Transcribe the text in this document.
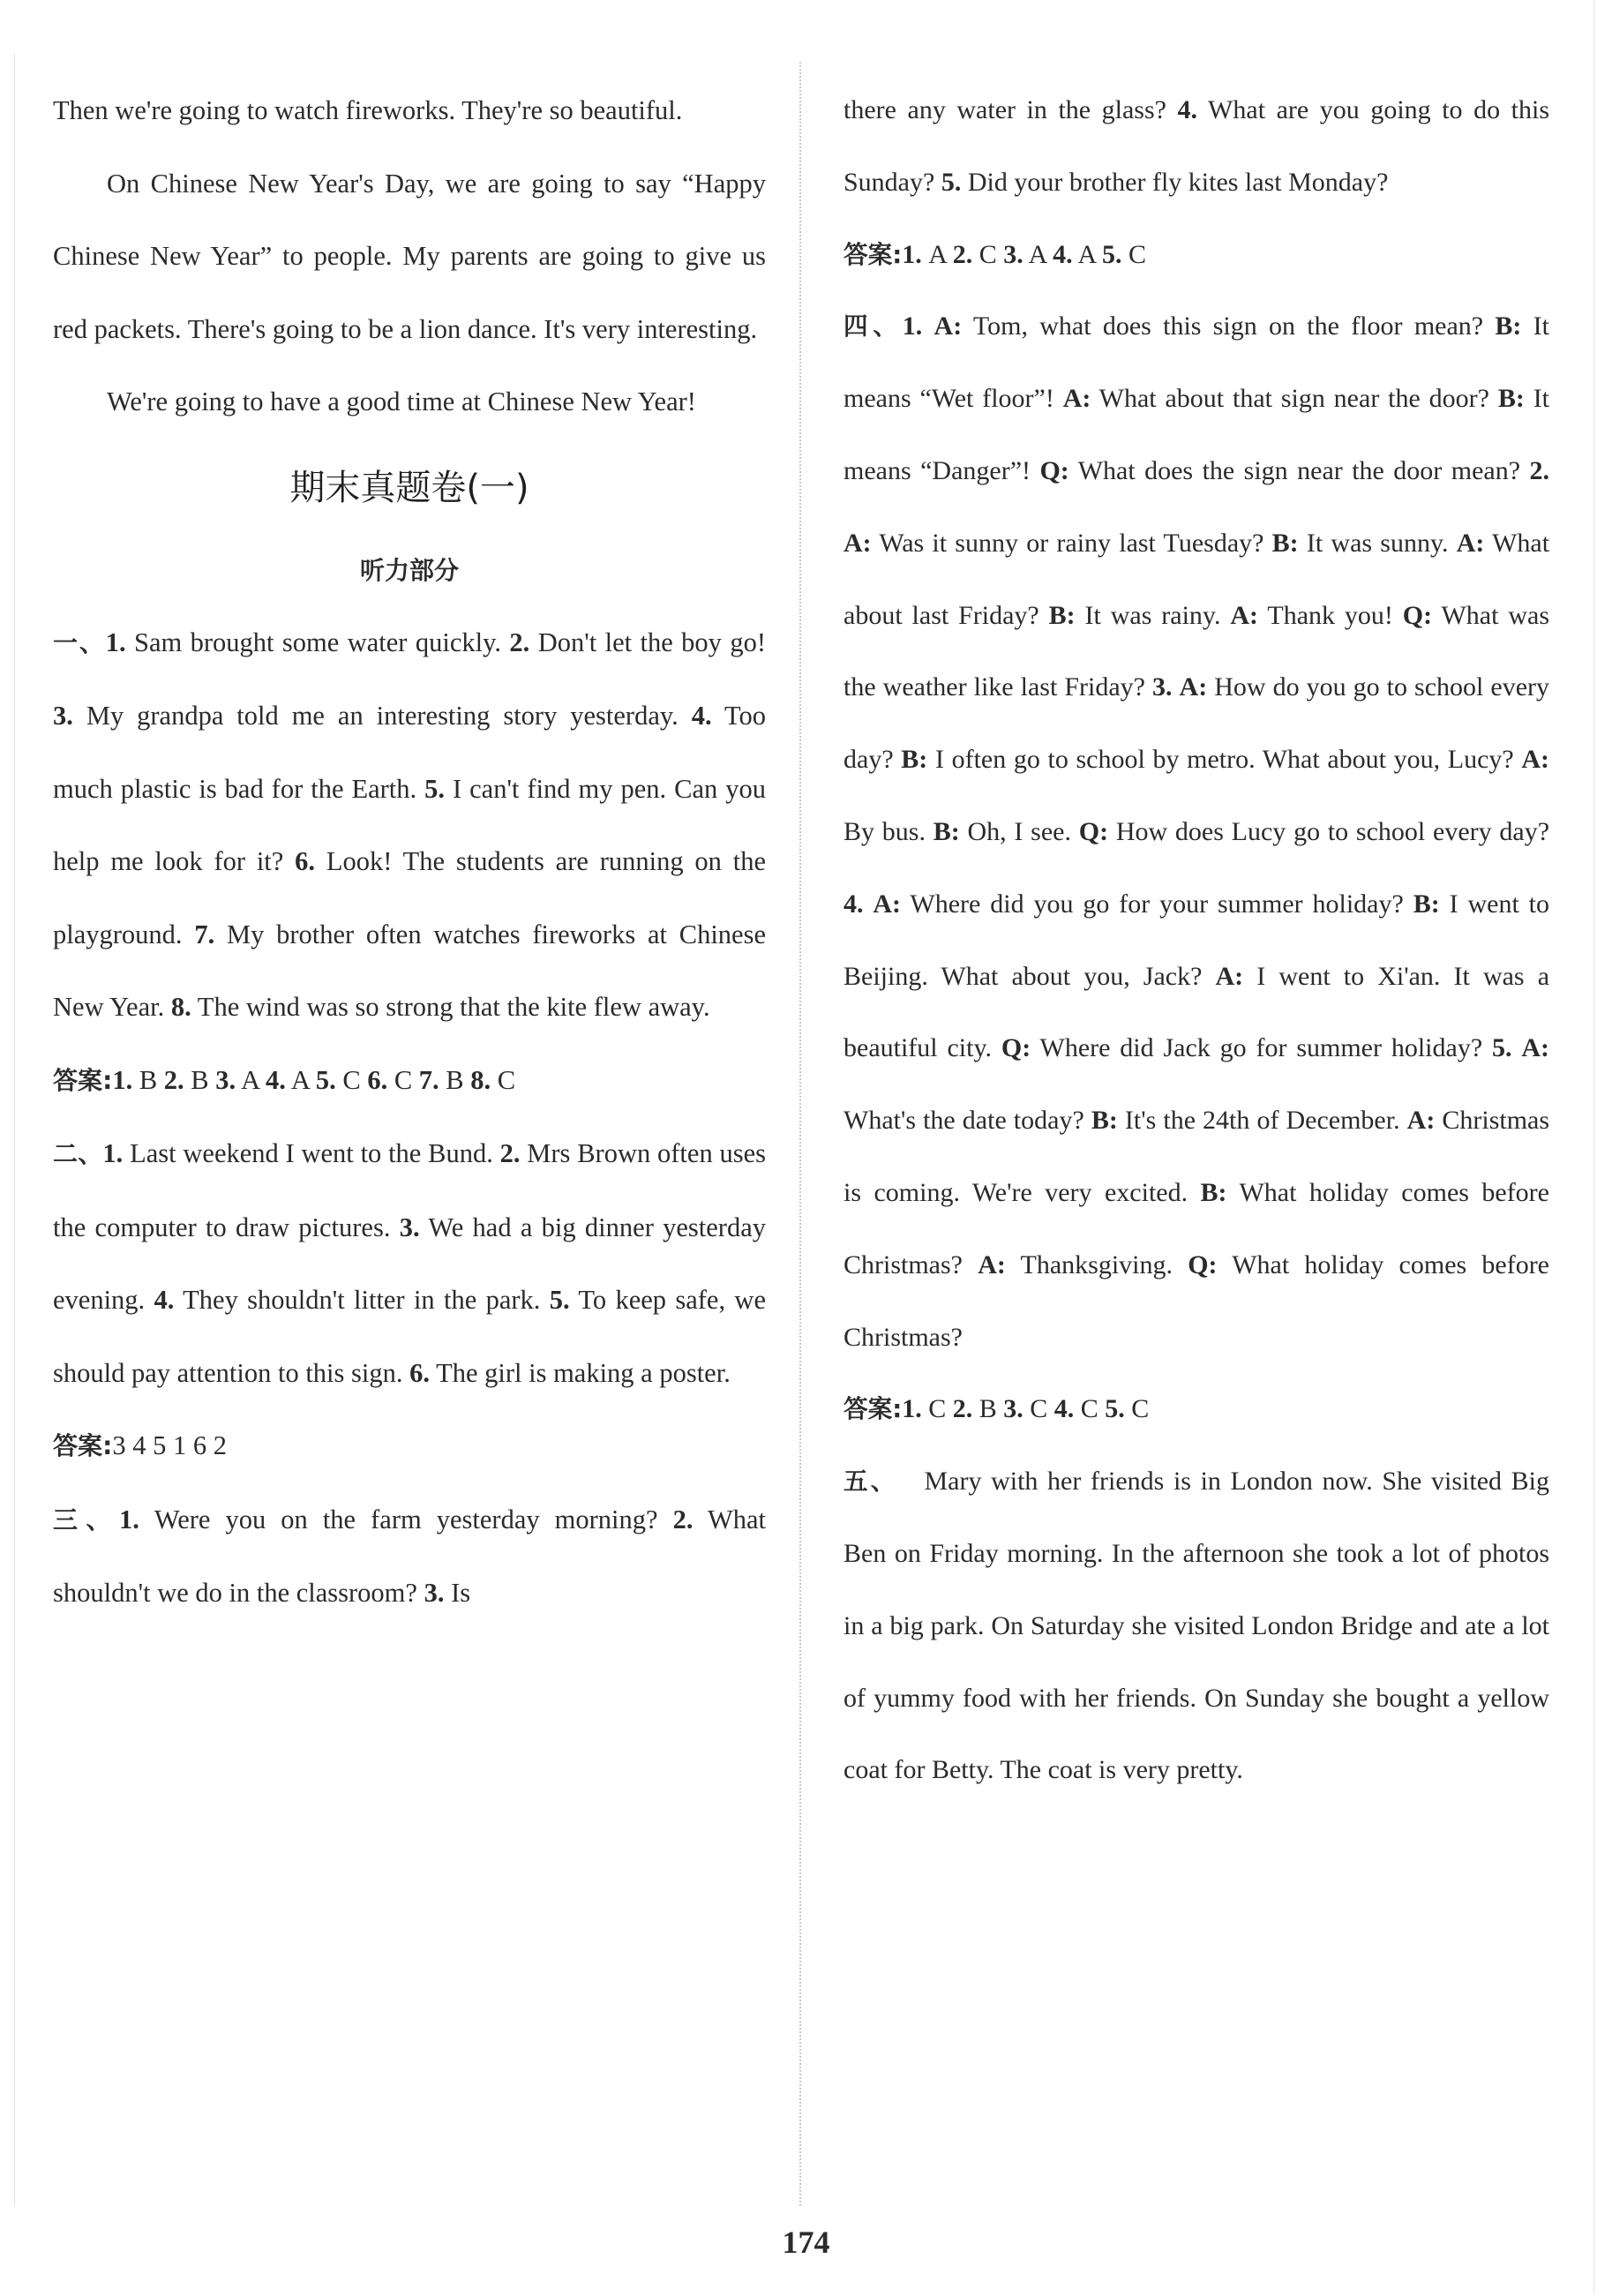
Then we're going to watch fireworks. They're so beautiful.

On Chinese New Year's Day, we are going to say “Happy Chinese New Year” to people. My parents are going to give us red packets. There's going to be a lion dance. It's very interesting.

We're going to have a good time at Chinese New Year!

期末真题卷(一)

听力部分

一、1. Sam brought some water quickly. 2. Don't let the boy go! 3. My grandpa told me an interesting story yesterday. 4. Too much plastic is bad for the Earth. 5. I can't find my pen. Can you help me look for it? 6. Look! The students are running on the playground. 7. My brother often watches fireworks at Chinese New Year. 8. The wind was so strong that the kite flew away.

答案:1. B 2. B 3. A 4. A 5. C 6. C 7. B 8. C

二、1. Last weekend I went to the Bund. 2. Mrs Brown often uses the computer to draw pictures. 3. We had a big dinner yesterday evening. 4. They shouldn't litter in the park. 5. To keep safe, we should pay attention to this sign. 6. The girl is making a poster.

答案:3 4 5 1 6 2

三、1. Were you on the farm yesterday morning? 2. What shouldn't we do in the classroom? 3. Is

there any water in the glass? 4. What are you going to do this Sunday? 5. Did your brother fly kites last Monday?

答案:1. A 2. C 3. A 4. A 5. C

四、1. A: Tom, what does this sign on the floor mean? B: It means “Wet floor”! A: What about that sign near the door? B: It means “Danger”! Q: What does the sign near the door mean? 2. A: Was it sunny or rainy last Tuesday? B: It was sunny. A: What about last Friday? B: It was rainy. A: Thank you! Q: What was the weather like last Friday? 3. A: How do you go to school every day? B: I often go to school by metro. What about you, Lucy? A: By bus. B: Oh, I see. Q: How does Lucy go to school every day? 4. A: Where did you go for your summer holiday? B: I went to Beijing. What about you, Jack? A: I went to Xi'an. It was a beautiful city. Q: Where did Jack go for summer holiday? 5. A: What's the date today? B: It's the 24th of December. A: Christmas is coming. We're very excited. B: What holiday comes before Christmas? A: Thanksgiving. Q: What holiday comes before Christmas?

答案:1. C 2. B 3. C 4. C 5. C

五、  Mary with her friends is in London now. She visited Big Ben on Friday morning. In the afternoon she took a lot of photos in a big park. On Saturday she visited London Bridge and ate a lot of yummy food with her friends. On Sunday she bought a yellow coat for Betty. The coat is very pretty.

174
